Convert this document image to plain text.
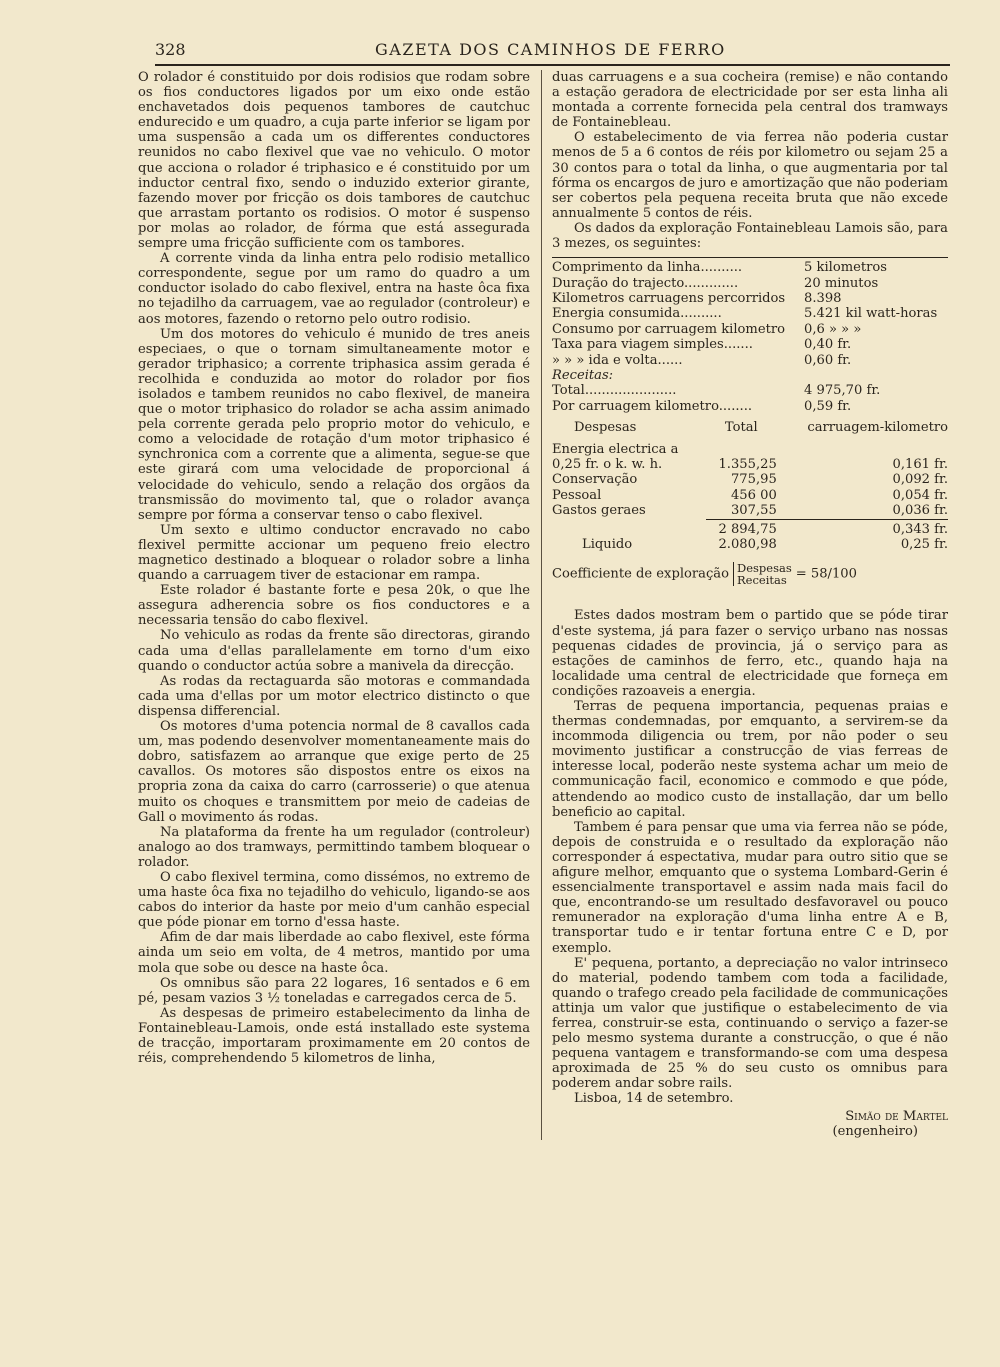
328	GAZETA DOS CAMINHOS DE FERRO

O rolador é constituido por dois rodisios que rodam sobre os fios conductores ligados por um eixo onde estão enchavetados dois pequenos tambores de cautchuc endurecido e um quadro, a cuja parte inferior se ligam por uma suspensão a cada um os differentes conductores reunidos no cabo flexivel que vae no vehiculo. O motor que acciona o rolador é triphasico e é constituido por um inductor central fixo, sendo o induzido exterior girante, fazendo mover por fricção os dois tambores de cautchuc que arrastam portanto os rodisios. O motor é suspenso por molas ao rolador, de fórma que está assegurada sempre uma fricção sufficiente com os tambores.

A corrente vinda da linha entra pelo rodisio metallico correspondente, segue por um ramo do quadro a um conductor isolado do cabo flexivel, entra na haste ôca fixa no tejadilho da carruagem, vae ao regulador (controleur) e aos motores, fazendo o retorno pelo outro rodisio.

Um dos motores do vehiculo é munido de tres aneis especiaes, o que o tornam simultaneamente motor e gerador triphasico; a corrente triphasica assim gerada é recolhida e conduzida ao motor do rolador por fios isolados e tambem reunidos no cabo flexivel, de maneira que o motor triphasico do rolador se acha assim animado pela corrente gerada pelo proprio motor do vehiculo, e como a velocidade de rotação d'um motor triphasico é synchronica com a corrente que a alimenta, segue-se que este girará com uma velocidade de proporcional á velocidade do vehiculo, sendo a relação dos orgãos da transmissão do movimento tal, que o rolador avança sempre por fórma a conservar tenso o cabo flexivel.

Um sexto e ultimo conductor encravado no cabo flexivel permitte accionar um pequeno freio electro magnetico destinado a bloquear o rolador sobre a linha quando a carruagem tiver de estacionar em rampa.

Este rolador é bastante forte e pesa 20k, o que lhe assegura adherencia sobre os fios conductores e a necessaria tensão do cabo flexivel.

No vehiculo as rodas da frente são directoras, girando cada uma d'ellas parallelamente em torno d'um eixo quando o conductor actúa sobre a manivela da direcção.

As rodas da rectaguarda são motoras e commandada cada uma d'ellas por um motor electrico distincto o que dispensa differencial.

Os motores d'uma potencia normal de 8 cavallos cada um, mas podendo desenvolver momentaneamente mais do dobro, satisfazem ao arranque que exige perto de 25 cavallos. Os motores são dispostos entre os eixos na propria zona da caixa do carro (carrosserie) o que atenua muito os choques e transmittem por meio de cadeias de Gall o movimento ás rodas.

Na plataforma da frente ha um regulador (controleur) analogo ao dos tramways, permittindo tambem bloquear o rolador.

O cabo flexivel termina, como dissémos, no extremo de uma haste ôca fixa no tejadilho do vehiculo, ligando-se aos cabos do interior da haste por meio d'um canhão especial que póde pionar em torno d'essa haste.

Afim de dar mais liberdade ao cabo flexivel, este fórma ainda um seio em volta, de 4 metros, mantido por uma mola que sobe ou desce na haste ôca.

Os omnibus são para 22 logares, 16 sentados e 6 em pé, pesam vazios 3 ½ toneladas e carregados cerca de 5.

As despesas de primeiro estabelecimento da linha de Fontainebleau-Lamois, onde está installado este systema de tracção, importaram proximamente em 20 contos de réis, comprehendendo 5 kilometros de linha,

duas carruagens e a sua cocheira (remise) e não contando a estação geradora de electricidade por ser esta linha ali montada a corrente fornecida pela central dos tramways de Fontainebleau.

O estabelecimento de via ferrea não poderia custar menos de 5 a 6 contos de réis por kilometro ou sejam 25 a 30 contos para o total da linha, o que augmentaria por tal fórma os encargos de juro e amortização que não poderiam ser cobertos pela pequena receita bruta que não excede annualmente 5 contos de réis.

Os dados da exploração Fontainebleau Lamois são, para 3 mezes, os seguintes:

Comprimento da linha..........	5 kilometros
Duração do trajecto.............	20 minutos
Kilometros carruagens percorridos	8.398
Energia consumida..........	5.421 kil watt-horas
Consumo por carruagem kilometro	0,6 » » »
Taxa para viagem simples.......	0,40 fr.
» » » ida e volta......	0,60 fr.
Receitas:	
Total......................	4 975,70 fr.
Por carruagem kilometro........	0,59 fr.
Despesas	Total	carruagem-kilometro

Energia electrica a		
0,25 fr. o k. w. h.	1.355,25	0,161 fr.
Conservação	775,95	0,092 fr.
Pessoal	456 00	0,054 fr.
Gastos geraes	307,55	0,036 fr.
	2 894,75	0,343 fr.
Liquido	2.080,98	0,25 fr.
Coefficiente de exploração Despesas
Receitas = 58/100

Estes dados mostram bem o partido que se póde tirar d'este systema, já para fazer o serviço urbano nas nossas pequenas cidades de provincia, já o serviço para as estações de caminhos de ferro, etc., quando haja na localidade uma central de electricidade que forneça em condições razoaveis a energia.

Terras de pequena importancia, pequenas praias e thermas condemnadas, por emquanto, a servirem-se da incommoda diligencia ou trem, por não poder o seu movimento justificar a construcção de vias ferreas de interesse local, poderão neste systema achar um meio de communicação facil, economico e commodo e que póde, attendendo ao modico custo de installação, dar um bello beneficio ao capital.

Tambem é para pensar que uma via ferrea não se póde, depois de construida e o resultado da exploração não corresponder á espectativa, mudar para outro sitio que se afigure melhor, emquanto que o systema Lombard-Gerin é essencialmente transportavel e assim nada mais facil do que, encontrando-se um resultado desfavoravel ou pouco remunerador na exploração d'uma linha entre A e B, transportar tudo e ir tentar fortuna entre C e D, por exemplo.

E' pequena, portanto, a depreciação no valor intrinseco do material, podendo tambem com toda a facilidade, quando o trafego creado pela facilidade de communicações attinja um valor que justifique o estabelecimento de via ferrea, construir-se esta, continuando o serviço a fazer-se pelo mesmo systema durante a construcção, o que é não pequena vantagem e transformando-se com uma despesa aproximada de 25 % do seu custo os omnibus para poderem andar sobre rails.

Lisboa, 14 de setembro.

Simão de Martel
(engenheiro)
